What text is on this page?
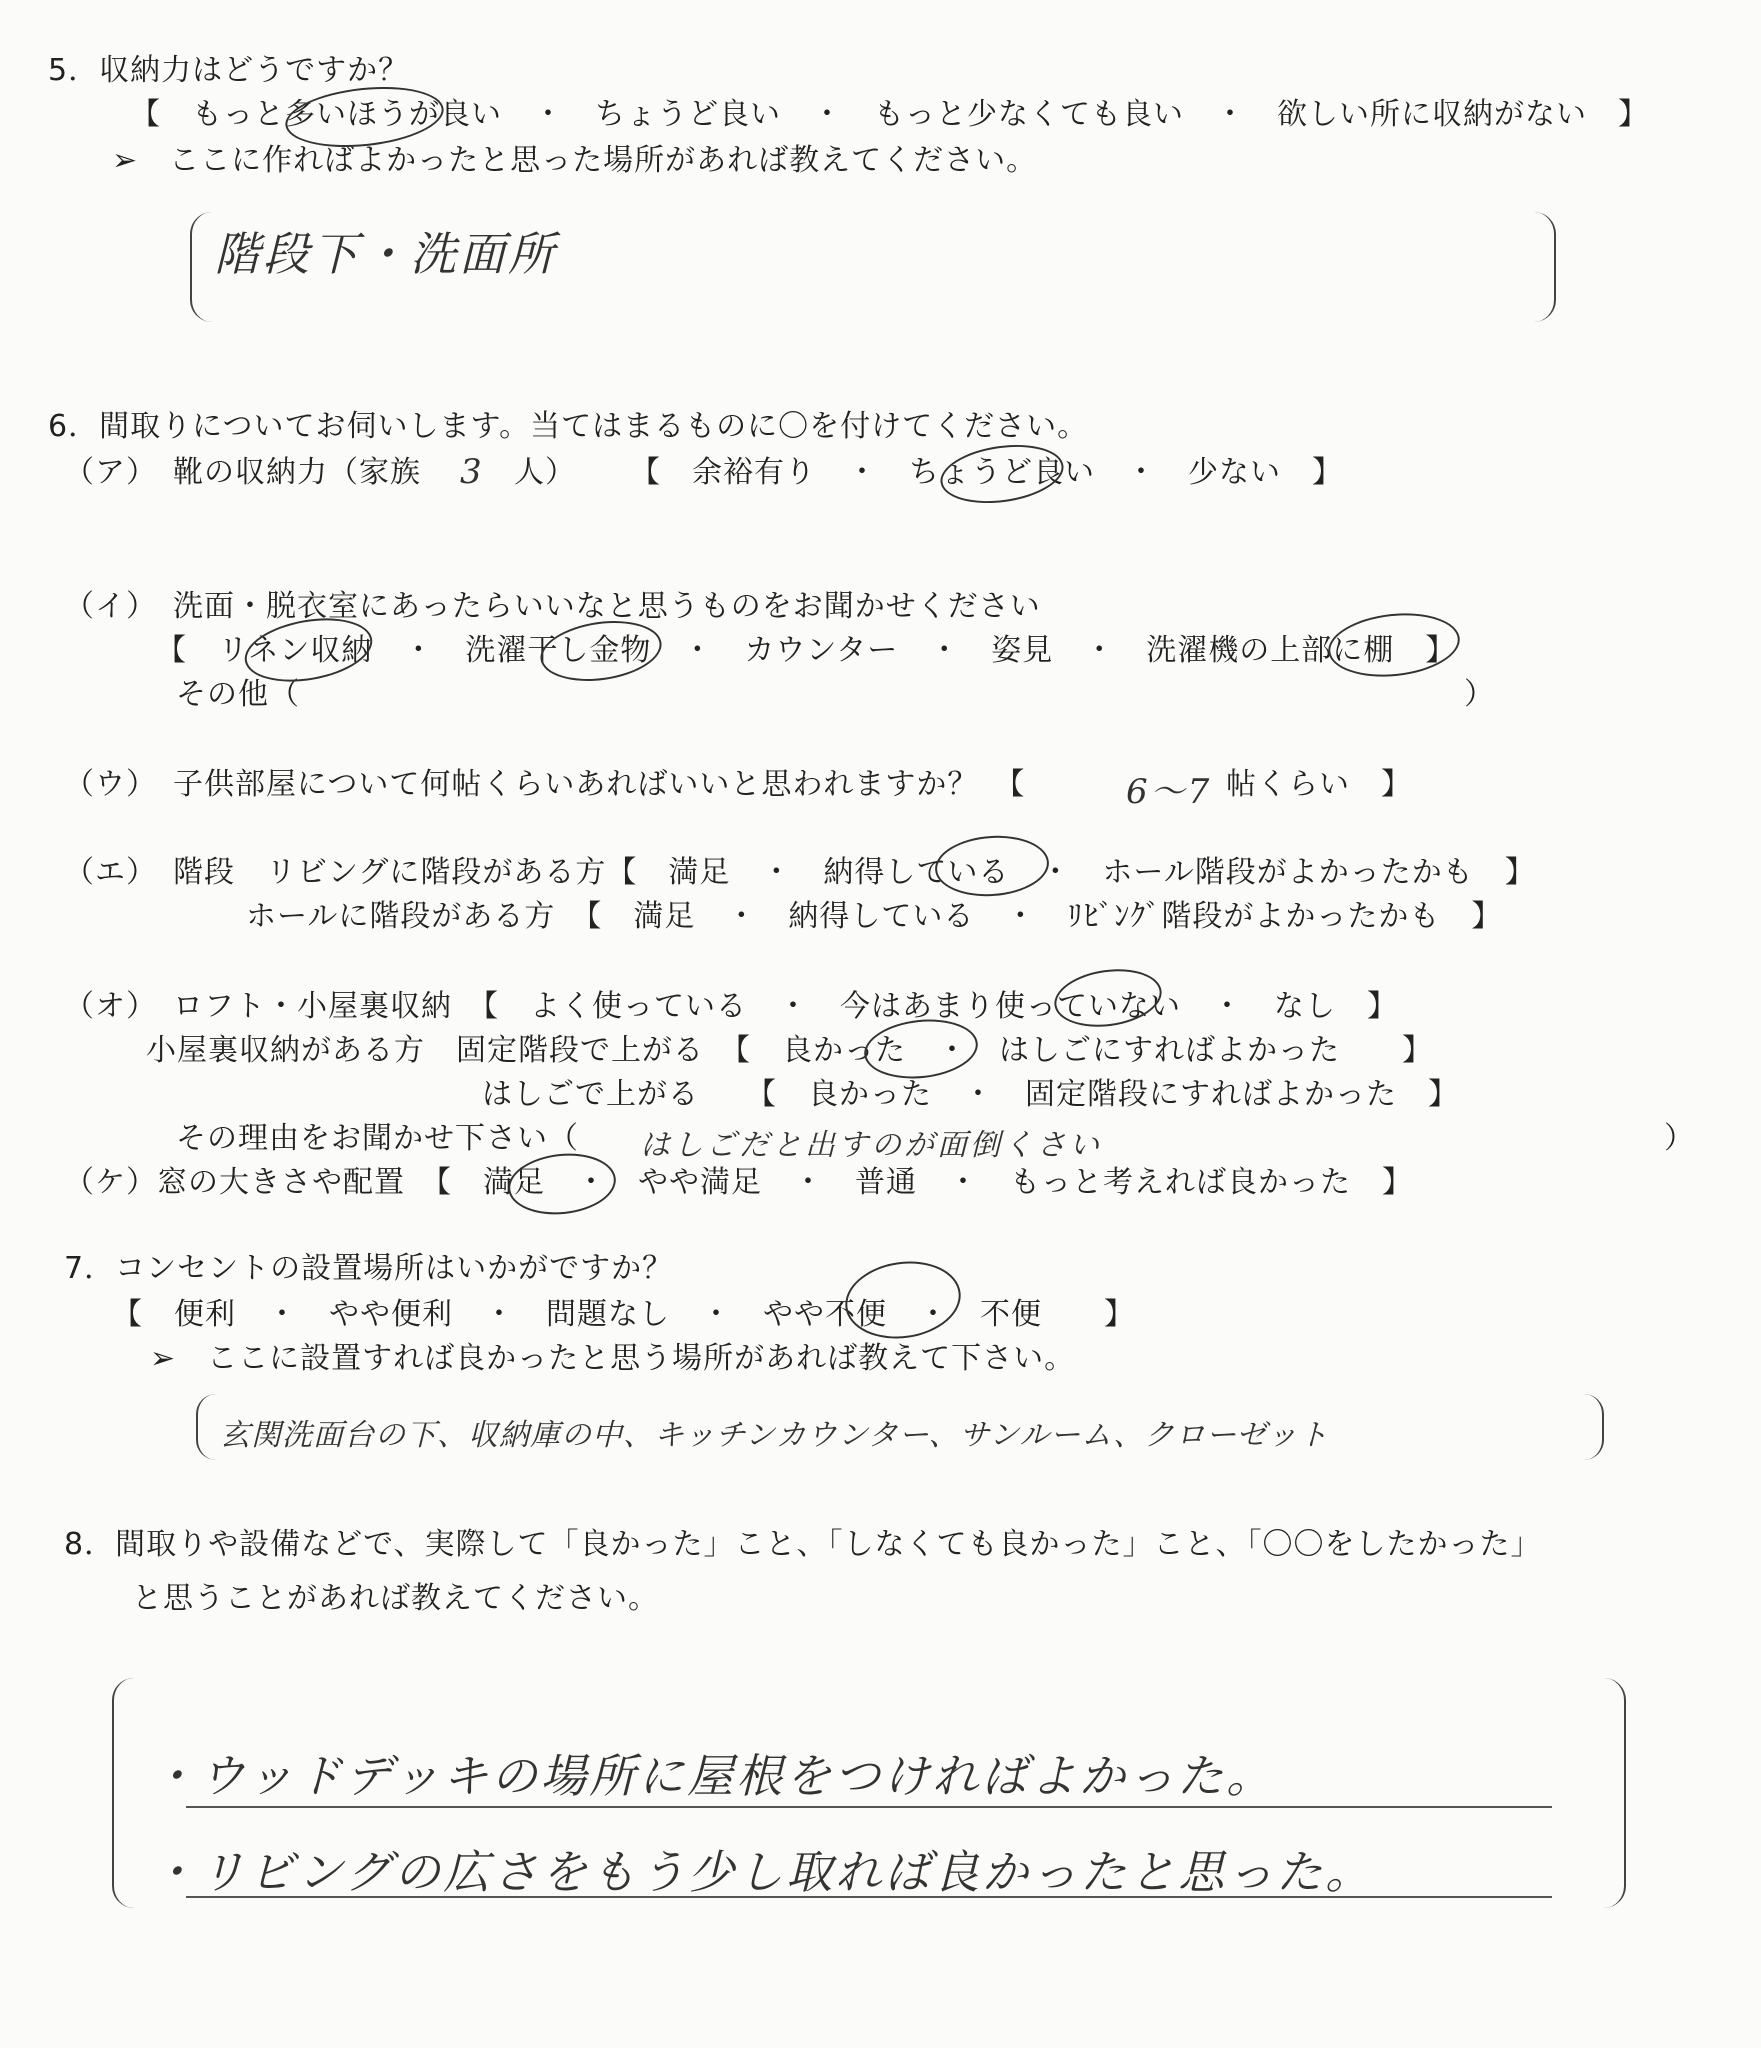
5．収納力はどうですか？
【　もっと多いほうが良い　・　ちょうど良い　・　もっと少なくても良い　・　欲しい所に収納がない　】
➢　ここに作ればよかったと思った場所があれば教えてください。
階段下・洗面所
6．間取りについてお伺いします。当てはまるものに〇を付けてください。
（ア）　靴の収納力（家族 3 人） 【　余裕有り　・　ちょうど良い　・　少ない　】
（イ）　洗面・脱衣室にあったらいいなと思うものをお聞かせください
【　リネン収納　・　洗濯干し金物　・　カウンター　・　姿見　・　洗濯機の上部に棚　】
その他（	）
（ウ）　子供部屋について何帖くらいあればいいと思われますか？　【	6〜7 帖くらい　】
（エ）　階段　リビングに階段がある方【　満足　・　納得している　・　ホール階段がよかったかも　】
ホールに階段がある方　【　満足　・　納得している　・　ﾘﾋﾞﾝｸﾞ階段がよかったかも　】
（オ）　ロフト・小屋裏収納　【　よく使っている　・　今はあまり使っていない　・　なし　】
小屋裏収納がある方　固定階段で上がる　【　良かった　・　はしごにすればよかった　　】
はしごで上がる　　【　良かった　・　固定階段にすればよかった　】
その理由をお聞かせ下さい（ はしごだと出すのが面倒くさい	）
（ケ）窓の大きさや配置　【　満足　・　やや満足　・　普通　・　もっと考えれば良かった　】
7．コンセントの設置場所はいかがですか？
【　便利　・　やや便利　・　問題なし　・　やや不便　・　不便　　】
➢　ここに設置すれば良かったと思う場所があれば教えて下さい。
玄関洗面台の下、収納庫の中、キッチンカウンター、サンルーム、クローゼット
8．間取りや設備などで、実際して「良かった」こと、「しなくても良かった」こと、「〇〇をしたかった」
と思うことがあれば教えてください。
・ウッドデッキの場所に屋根をつければよかった。
・リビングの広さをもう少し取れば良かったと思った。
